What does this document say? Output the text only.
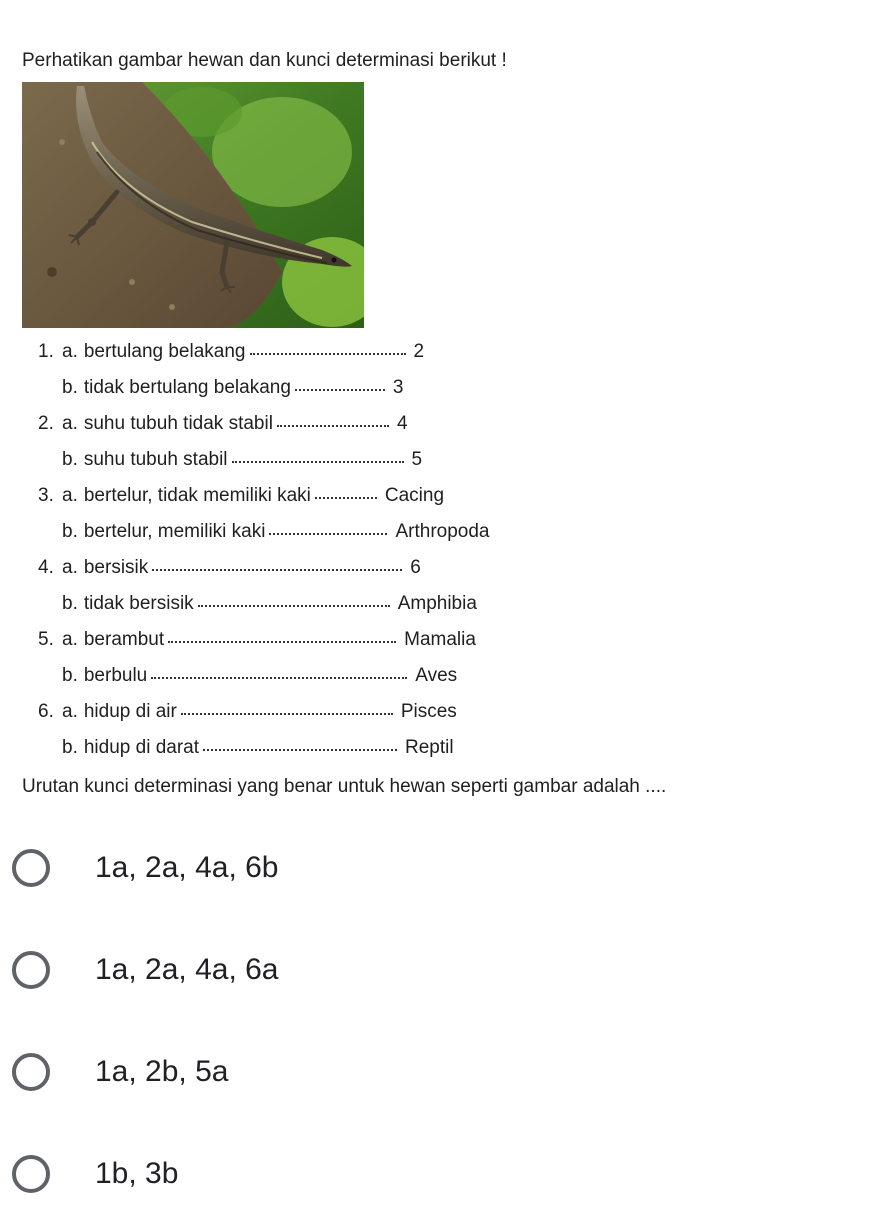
Perhatikan gambar hewan dan kunci determinasi berikut !
1. a. bertulang belakang	2
b. tidak bertulang belakang	3
2. a. suhu tubuh tidak stabil	4
b. suhu tubuh stabil	5
3. a. bertelur, tidak memiliki kaki	Cacing
b. bertelur, memiliki kaki	Arthropoda
4. a. bersisik	6
b. tidak bersisik	Amphibia
5. a. berambut	Mamalia
b. berbulu	Aves
6. a. hidup di air	Pisces
b. hidup di darat	Reptil
Urutan kunci determinasi yang benar untuk hewan seperti gambar adalah ....
1a, 2a, 4a, 6b
1a, 2a, 4a, 6a
1a, 2b, 5a
1b, 3b
